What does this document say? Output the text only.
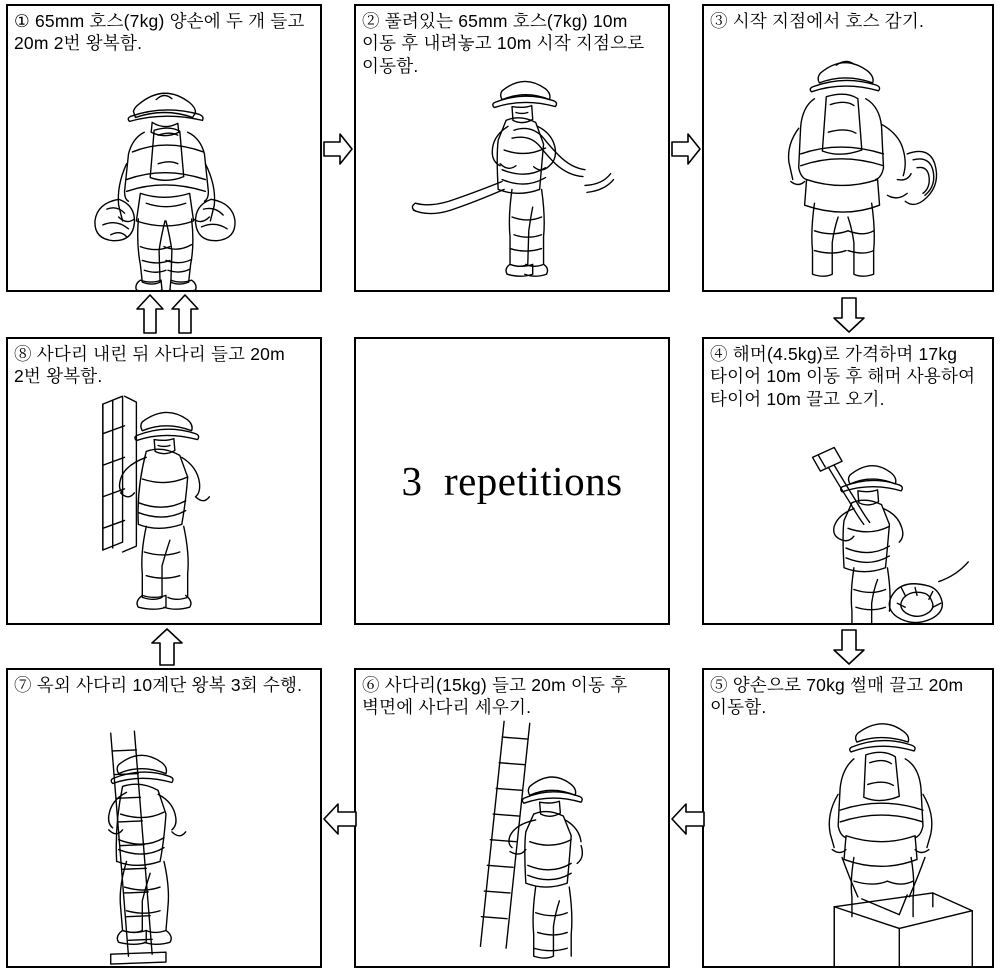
① 65mm 호스(7kg) 양손에 두 개 들고 20m 2번 왕복함.
② 풀려있는 65mm 호스(7kg) 10m 이동 후 내려놓고 10m 시작 지점으로 이동함.
③ 시작 지점에서 호스 감기.
3  repetitions
④ 해머(4.5kg)로 가격하며 17kg 타이어 10m 이동 후 해머 사용하여 타이어 10m 끌고 오기.
⑤ 양손으로 70kg 썰매 끌고 20m 이동함.
⑥ 사다리(15kg) 들고 20m 이동 후 벽면에 사다리 세우기.
⑦ 옥외 사다리 10계단 왕복 3회 수행.
⑧ 사다리 내린 뒤 사다리 들고 20m 2번 왕복함.
